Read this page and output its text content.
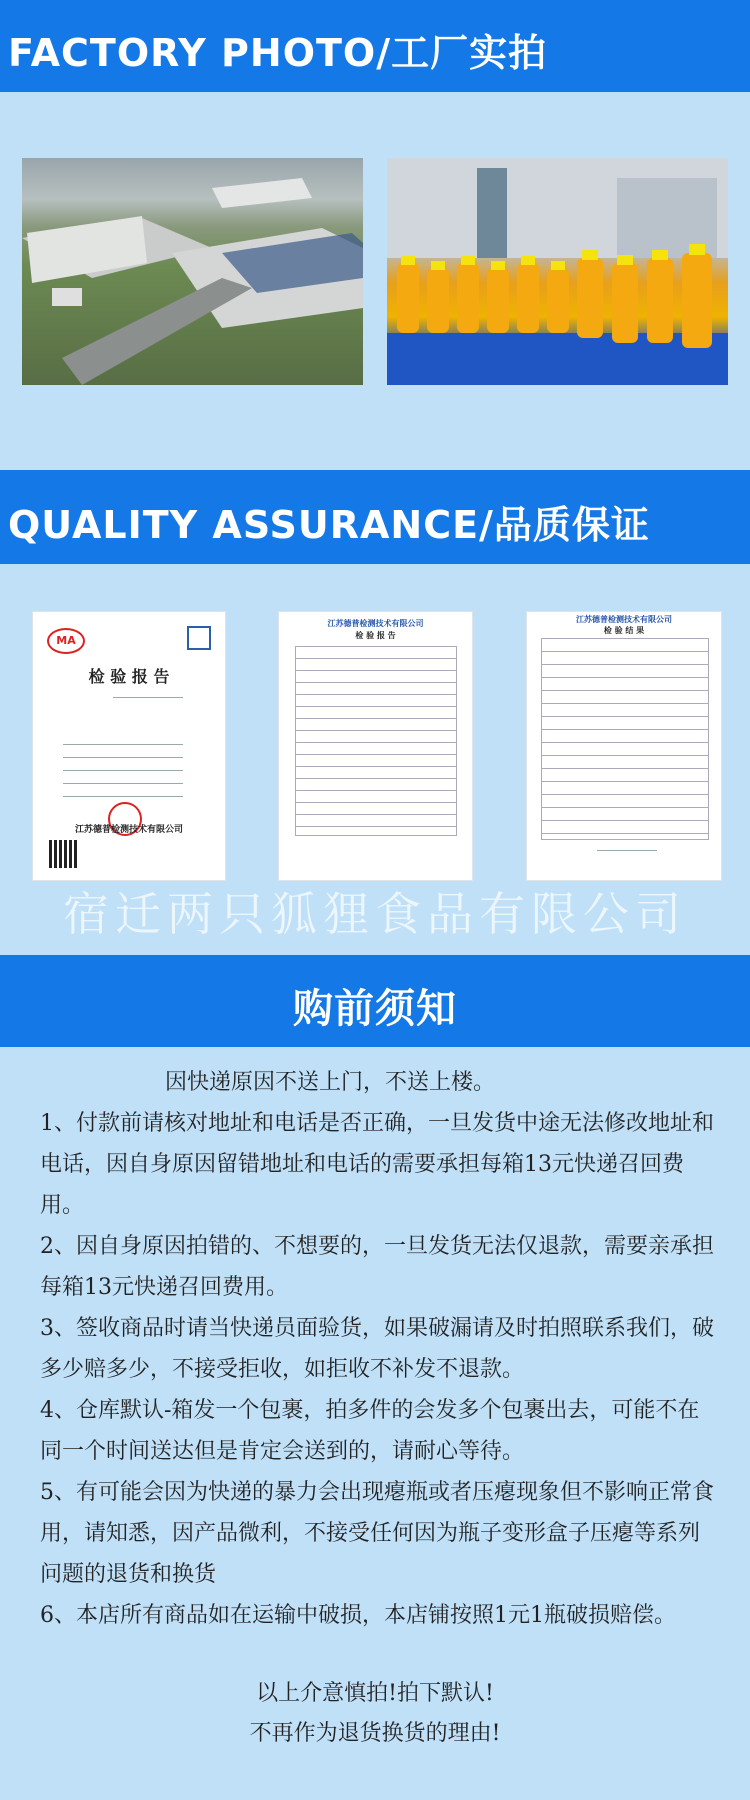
FACTORY PHOTO/工厂实拍
QUALITY ASSURANCE/品质保证
MA
检 验 报 告
江苏德普检测技术有限公司
江苏德普检测技术有限公司
检 验 报 告
江苏德普检测技术有限公司
检 验 结 果
宿迁两只狐狸食品有限公司
购前须知

因快递原因不送上门，不送上楼。

1、付款前请核对地址和电话是否正确，一旦发货中途无法修改地址和电话，因自身原因留错地址和电话的需要承担每箱13元快递召回费用。

2、因自身原因拍错的、不想要的，一旦发货无法仅退款，需要亲承担每箱13元快递召回费用。

3、签收商品时请当快递员面验货，如果破漏请及时拍照联系我们，破多少赔多少，不接受拒收，如拒收不补发不退款。

4、仓库默认-箱发一个包裹，拍多件的会发多个包裹出去，可能不在同一个时间送达但是肯定会送到的，请耐心等待。

5、有可能会因为快递的暴力会出现瘪瓶或者压瘪现象但不影响正常食用，请知悉，因产品微利，不接受任何因为瓶子变形盒子压瘪等系列问题的退货和换货

6、本店所有商品如在运输中破损，本店铺按照1元1瓶破损赔偿。

以上介意慎拍!拍下默认!
不再作为退货换货的理由!
